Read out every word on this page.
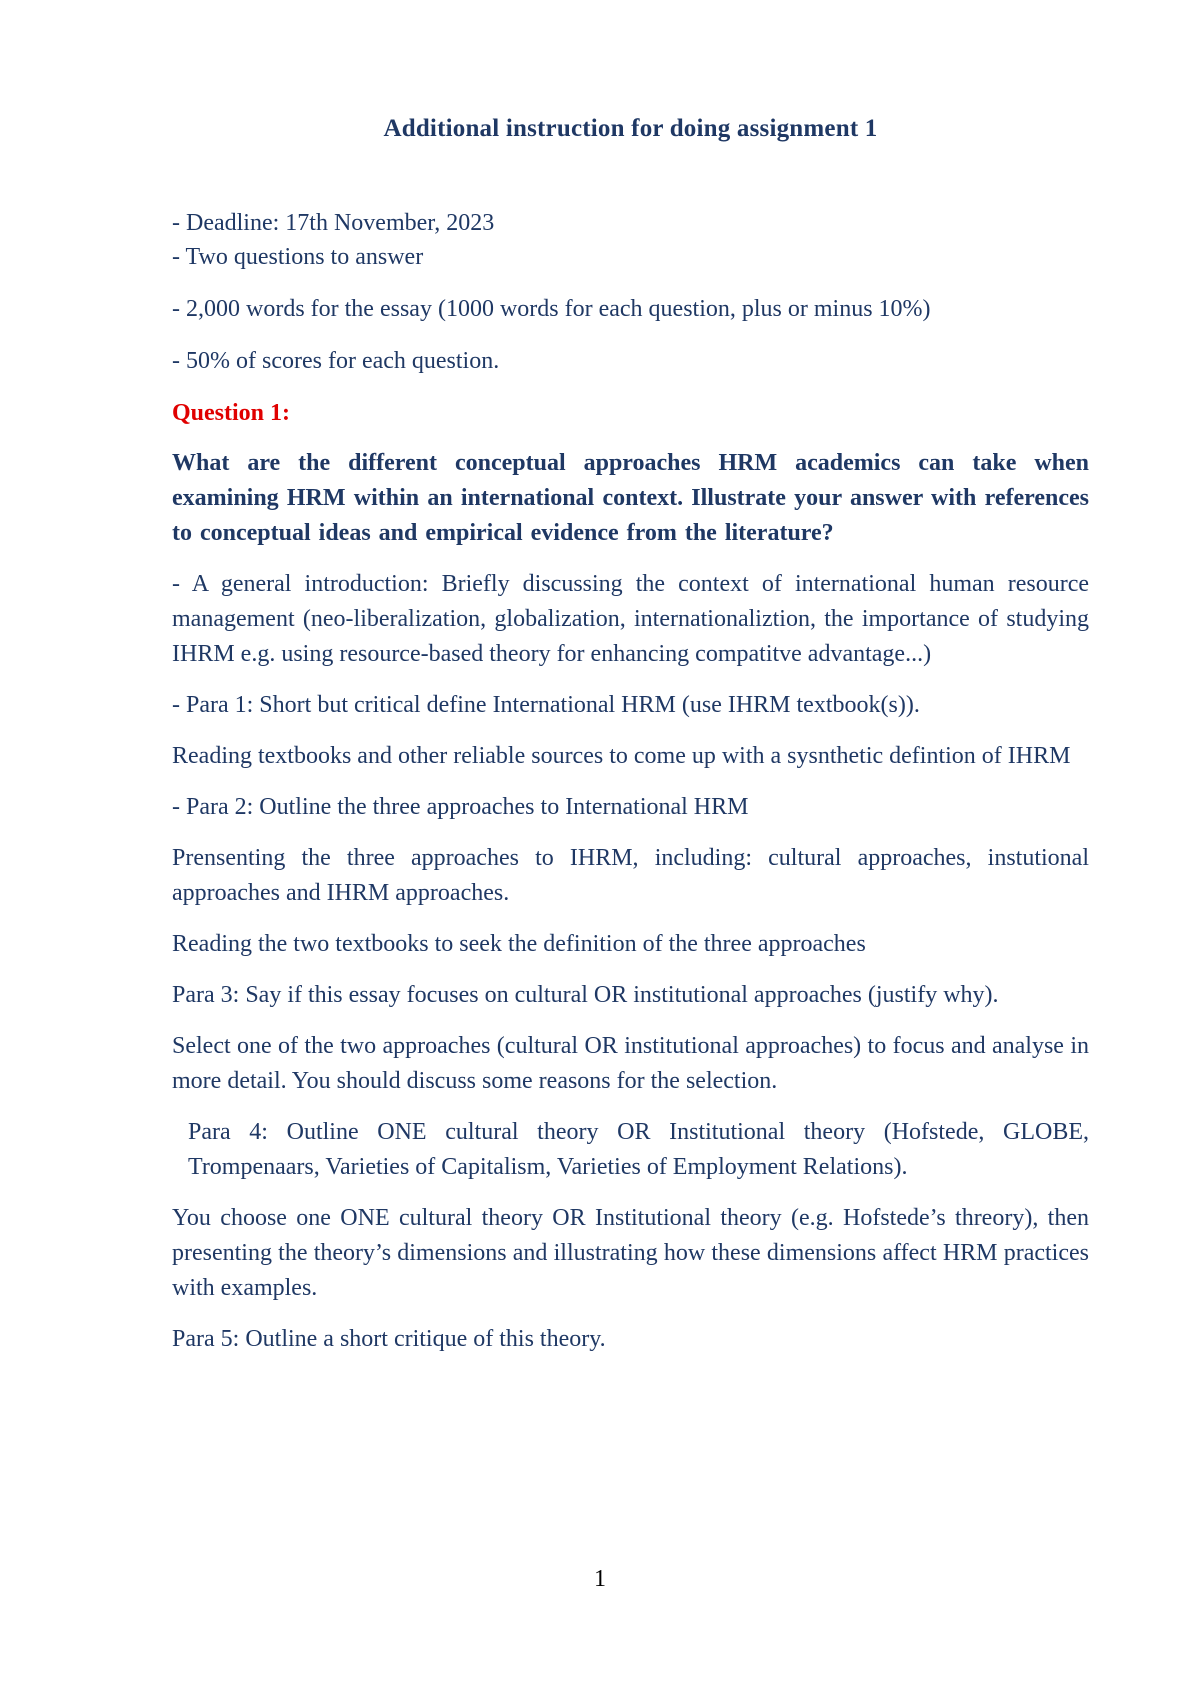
Additional instruction for doing assignment 1

- Deadline: 17th November, 2023

- Two questions to answer

- 2,000 words for the essay (1000 words for each question, plus or minus 10%)

- 50% of scores for each question.

Question 1:

What are the different conceptual approaches HRM academics can take when examining HRM within an international context. Illustrate your answer with references to conceptual ideas and empirical evidence from the literature?

- A general introduction: Briefly discussing the context of international human resource management (neo-liberalization, globalization, internationaliztion, the importance of studying IHRM e.g. using resource-based theory for enhancing compatitve advantage...)

- Para 1: Short but critical define International HRM (use IHRM textbook(s)).

Reading textbooks and other reliable sources to come up with a sysnthetic defintion of IHRM

- Para 2: Outline the three approaches to International HRM

Prensenting the three approaches to IHRM, including: cultural approaches, instutional approaches and IHRM approaches.

Reading the two textbooks to seek the definition of the three approaches

Para 3: Say if this essay focuses on cultural OR institutional approaches (justify why).

Select one of the two approaches (cultural OR institutional approaches) to focus and analyse in more detail. You should discuss some reasons for the selection.

Para 4: Outline ONE cultural theory OR Institutional theory (Hofstede, GLOBE, Trompenaars, Varieties of Capitalism, Varieties of Employment Relations).

You choose one ONE cultural theory OR Institutional theory (e.g. Hofstede’s threory), then presenting the theory’s dimensions and illustrating how these dimensions affect HRM practices with examples.

Para 5: Outline a short critique of this theory.

1
